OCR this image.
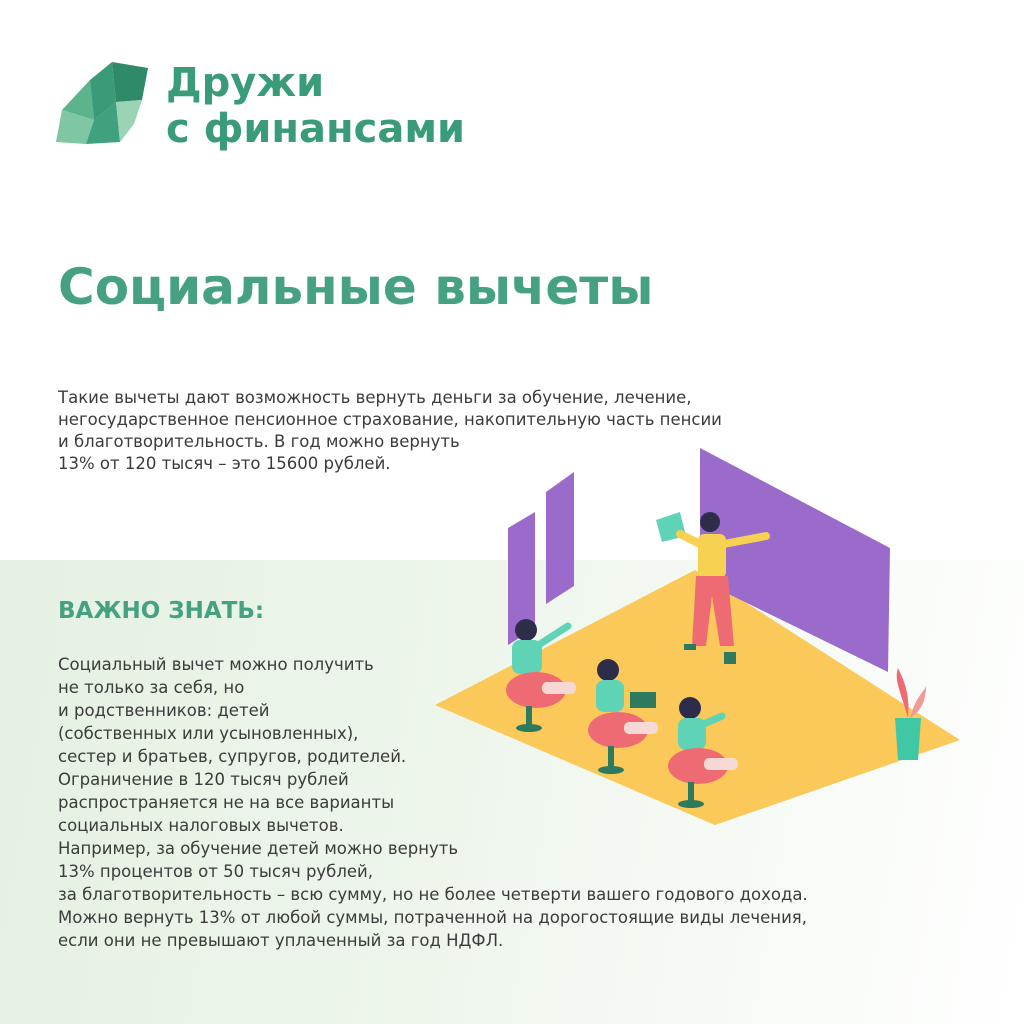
Дружи
с финансами
Социальные вычеты
Такие вычеты дают возможность вернуть деньги за обучение, лечение,
негосударственное пенсионное страхование, накопительную часть пенсии
и благотворительность. В год можно вернуть
13% от 120 тысяч – это 15600 рублей.
ВАЖНО ЗНАТЬ:
Социальный вычет можно получить
не только за себя, но
и родственников: детей
(собственных или усыновленных),
сестер и братьев, супругов, родителей.
Ограничение в 120 тысяч рублей
распространяется не на все варианты
социальных налоговых вычетов.
Например, за обучение детей можно вернуть
13% процентов от 50 тысяч рублей,
за благотворительность – всю сумму, но не более четверти вашего годового дохода.
Можно вернуть 13% от любой суммы, потраченной на дорогостоящие виды лечения,
если они не превышают уплаченный за год НДФЛ.
